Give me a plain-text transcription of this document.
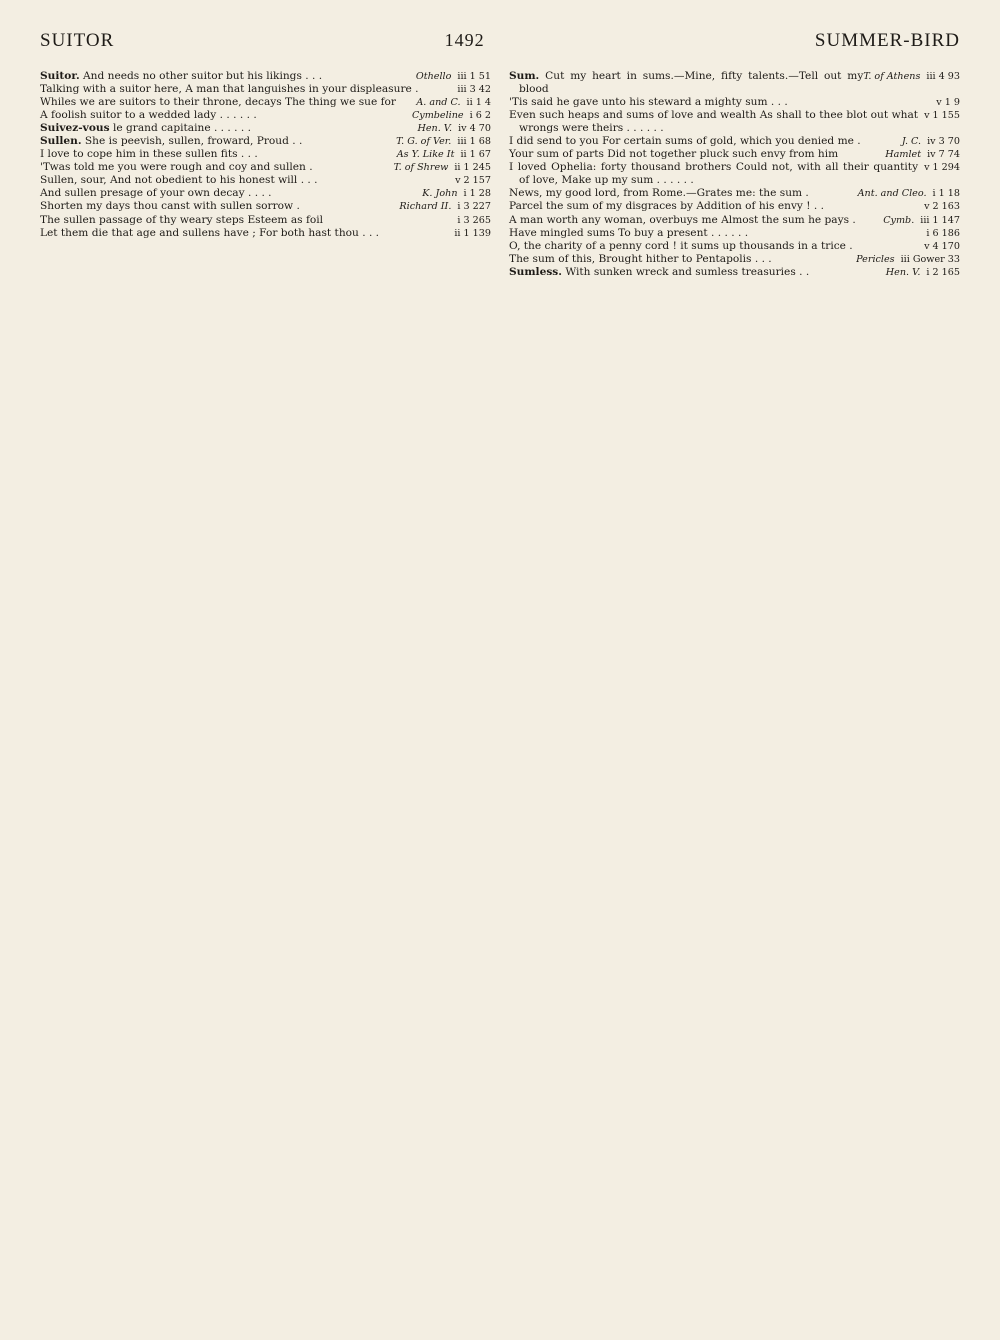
SUITOR	1492	SUMMER-BIRD

Othello iii 1 51
Suitor. And needs no other suitor but his likings . . .

iii 3 42
Talking with a suitor here, A man that languishes in your displeasure .

A. and C. ii 1 4
Whiles we are suitors to their throne, decays The thing we sue for

Cymbeline i 6 2
A foolish suitor to a wedded lady . . . . . .

Hen. V. iv 4 70
Suivez-vous le grand capitaine . . . . . .

T. G. of Ver. iii 1 68
Sullen. She is peevish, sullen, froward, Proud . .

As Y. Like It ii 1 67
I love to cope him in these sullen fits . . .

T. of Shrew ii 1 245
'Twas told me you were rough and coy and sullen .

v 2 157
Sullen, sour, And not obedient to his honest will . . .

K. John i 1 28
And sullen presage of your own decay . . . .

Richard II. i 3 227
Shorten my days thou canst with sullen sorrow .

i 3 265
The sullen passage of thy weary steps Esteem as foil

ii 1 139
Let them die that age and sullens have ; For both hast thou . . .

T. of Athens iii 4 93
Sum. Cut my heart in sums.—Mine, fifty talents.—Tell out my blood

v 1 9
'Tis said he gave unto his steward a mighty sum . . .

v 1 155
Even such heaps and sums of love and wealth As shall to thee blot out what wrongs were theirs . . . . . .

J. C. iv 3 70
I did send to you For certain sums of gold, which you denied me .

Hamlet iv 7 74
Your sum of parts Did not together pluck such envy from him

v 1 294
I loved Ophelia: forty thousand brothers Could not, with all their quantity of love, Make up my sum . . . . . .

Ant. and Cleo. i 1 18
News, my good lord, from Rome.—Grates me: the sum .

v 2 163
Parcel the sum of my disgraces by Addition of his envy ! . .

Cymb. iii 1 147
A man worth any woman, overbuys me Almost the sum he pays .

i 6 186
Have mingled sums To buy a present . . . . . .

v 4 170
O, the charity of a penny cord ! it sums up thousands in a trice .

Pericles iii Gower 33
The sum of this, Brought hither to Pentapolis . . .

Hen. V. i 2 165
Sumless. With sunken wreck and sumless treasuries . .
